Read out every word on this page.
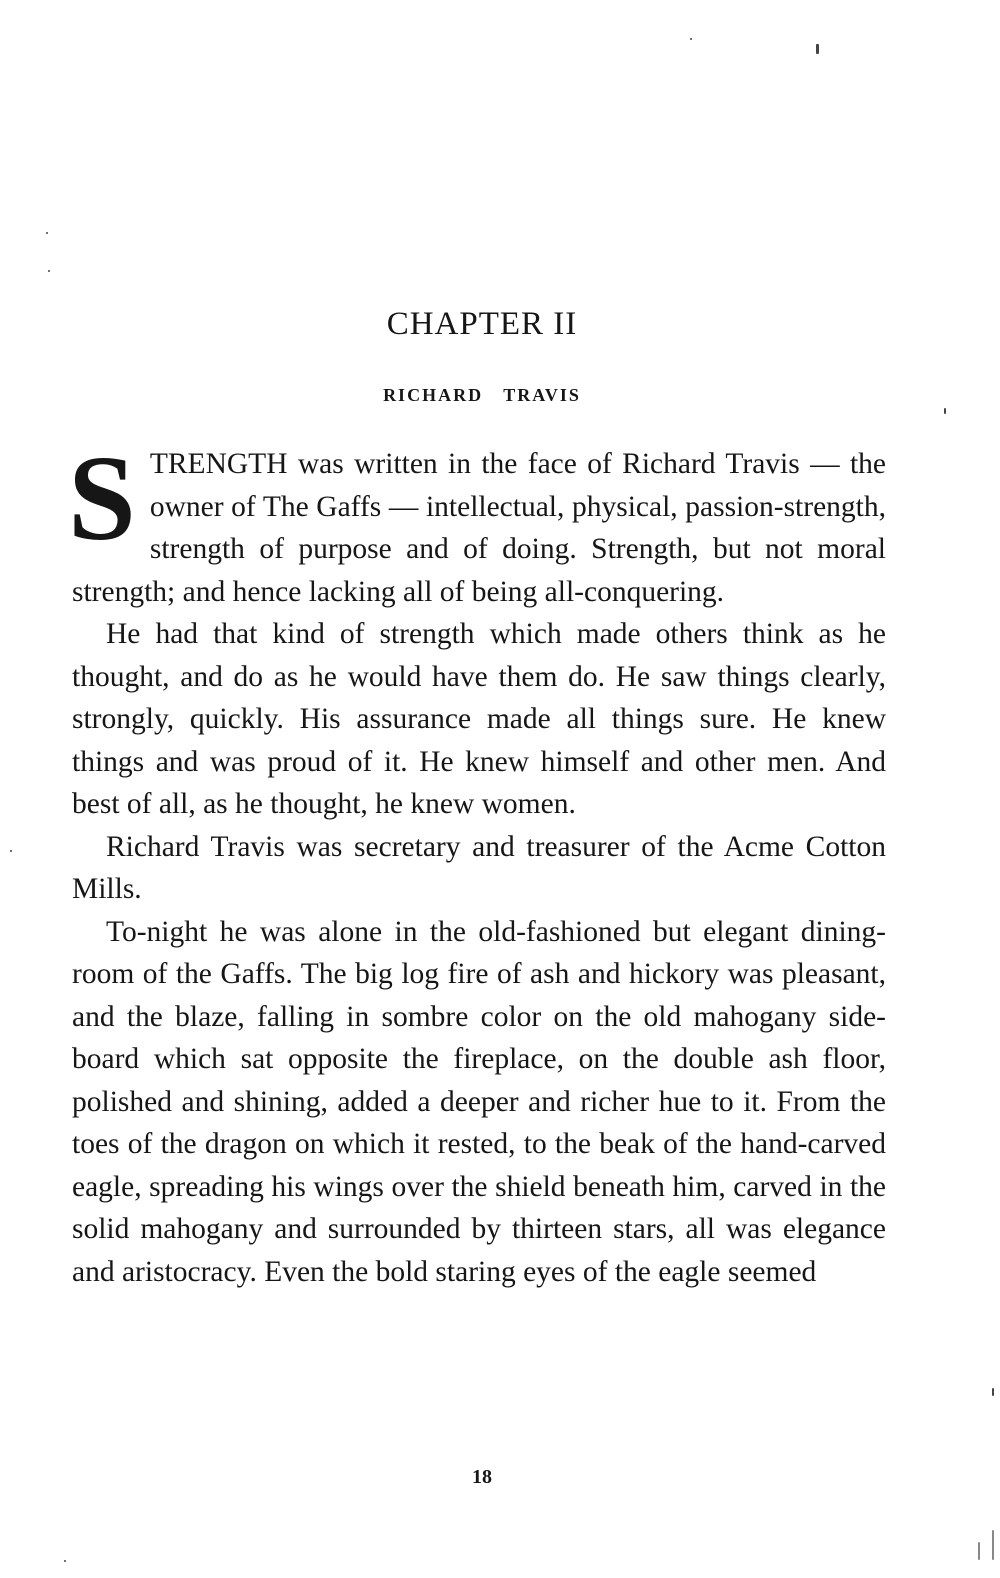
CHAPTER II
RICHARD TRAVIS

STRENGTH was written in the face of Richard Travis — the owner of The Gaffs — intellectual, physical, passion-strength, strength of purpose and of doing. Strength, but not moral strength; and hence lacking all of being all-conquering.

He had that kind of strength which made others think as he thought, and do as he would have them do. He saw things clearly, strongly, quickly. His assurance made all things sure. He knew things and was proud of it. He knew himself and other men. And best of all, as he thought, he knew women.

Richard Travis was secretary and treasurer of the Acme Cotton Mills.

To-night he was alone in the old-fashioned but elegant dining-room of the Gaffs. The big log fire of ash and hickory was pleasant, and the blaze, falling in sombre color on the old mahogany side-board which sat opposite the fireplace, on the double ash floor, polished and shining, added a deeper and richer hue to it. From the toes of the dragon on which it rested, to the beak of the hand-carved eagle, spreading his wings over the shield beneath him, carved in the solid mahogany and surrounded by thirteen stars, all was elegance and aristocracy. Even the bold staring eyes of the eagle seemed

18
